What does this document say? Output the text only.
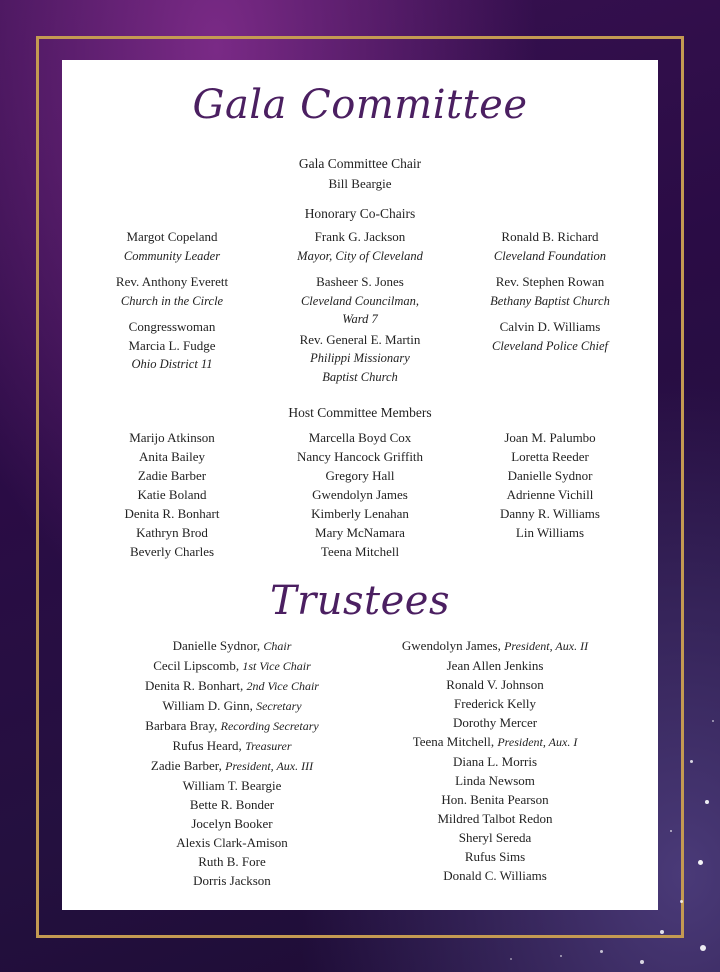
Gala Committee
Gala Committee Chair
Bill Beargie
Honorary Co-Chairs
Margot Copeland
Community Leader
Rev. Anthony Everett
Church in the Circle
Congresswoman
Marcia L. Fudge
Ohio District 11
Frank G. Jackson
Mayor, City of Cleveland
Basheer S. Jones
Cleveland Councilman,
Ward 7
Rev. General E. Martin
Philippi Missionary
Baptist Church
Ronald B. Richard
Cleveland Foundation
Rev. Stephen Rowan
Bethany Baptist Church
Calvin D. Williams
Cleveland Police Chief
Host Committee Members
Marijo Atkinson
Anita Bailey
Zadie Barber
Katie Boland
Denita R. Bonhart
Kathryn Brod
Beverly Charles
Marcella Boyd Cox
Nancy Hancock Griffith
Gregory Hall
Gwendolyn James
Kimberly Lenahan
Mary McNamara
Teena Mitchell
Joan M. Palumbo
Loretta Reeder
Danielle Sydnor
Adrienne Vichill
Danny R. Williams
Lin Williams
Trustees
Danielle Sydnor, Chair
Cecil Lipscomb, 1st Vice Chair
Denita R. Bonhart, 2nd Vice Chair
William D. Ginn, Secretary
Barbara Bray, Recording Secretary
Rufus Heard, Treasurer
Zadie Barber, President, Aux. III
William T. Beargie
Bette R. Bonder
Jocelyn Booker
Alexis Clark-Amison
Ruth B. Fore
Dorris Jackson
Gwendolyn James, President, Aux. II
Jean Allen Jenkins
Ronald V. Johnson
Frederick Kelly
Dorothy Mercer
Teena Mitchell, President, Aux. I
Diana L. Morris
Linda Newsom
Hon. Benita Pearson
Mildred Talbot Redon
Sheryl Sereda
Rufus Sims
Donald C. Williams
